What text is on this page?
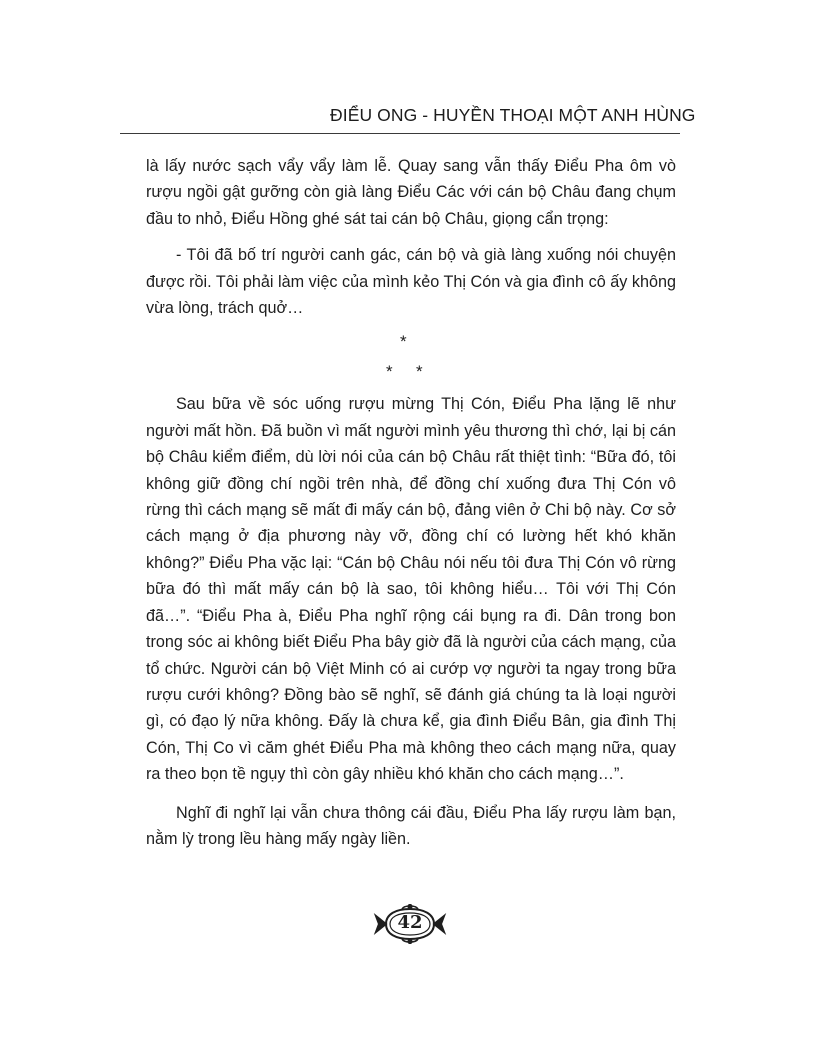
ĐIỂU ONG - HUYỀN THOẠI MỘT ANH HÙNG

là lấy nước sạch vẩy vẩy làm lễ. Quay sang vẫn thấy Điểu Pha ôm vò rượu ngồi gật gưỡng còn già làng Điểu Các với cán bộ Châu đang chụm đầu to nhỏ, Điểu Hồng ghé sát tai cán bộ Châu, giọng cẩn trọng:

- Tôi đã bố trí người canh gác, cán bộ và già làng xuống nói chuyện được rồi. Tôi phải làm việc của mình kẻo Thị Cón và gia đình cô ấy không vừa lòng, trách quở…

*
* *

Sau bữa về sóc uống rượu mừng Thị Cón, Điểu Pha lặng lẽ như người mất hồn. Đã buồn vì mất người mình yêu thương thì chớ, lại bị cán bộ Châu kiểm điểm, dù lời nói của cán bộ Châu rất thiệt tình: “Bữa đó, tôi không giữ đồng chí ngồi trên nhà, để đồng chí xuống đưa Thị Cón vô rừng thì cách mạng sẽ mất đi mấy cán bộ, đảng viên ở Chi bộ này. Cơ sở cách mạng ở địa phương này vỡ, đồng chí có lường hết khó khăn không?” Điểu Pha vặc lại: “Cán bộ Châu nói nếu tôi đưa Thị Cón vô rừng bữa đó thì mất mấy cán bộ là sao, tôi không hiểu… Tôi với Thị Cón đã…”. “Điểu Pha à, Điểu Pha nghĩ rộng cái bụng ra đi. Dân trong bon trong sóc ai không biết Điểu Pha bây giờ đã là người của cách mạng, của tổ chức. Người cán bộ Việt Minh có ai cướp vợ người ta ngay trong bữa rượu cưới không? Đồng bào sẽ nghĩ, sẽ đánh giá chúng ta là loại người gì, có đạo lý nữa không. Đấy là chưa kể, gia đình Điểu Bân, gia đình Thị Cón, Thị Co vì căm ghét Điểu Pha mà không theo cách mạng nữa, quay ra theo bọn tề ngụy thì còn gây nhiều khó khăn cho cách mạng…”.

Nghĩ đi nghĩ lại vẫn chưa thông cái đầu, Điểu Pha lấy rượu làm bạn, nằm lỳ trong lều hàng mấy ngày liền.

42
